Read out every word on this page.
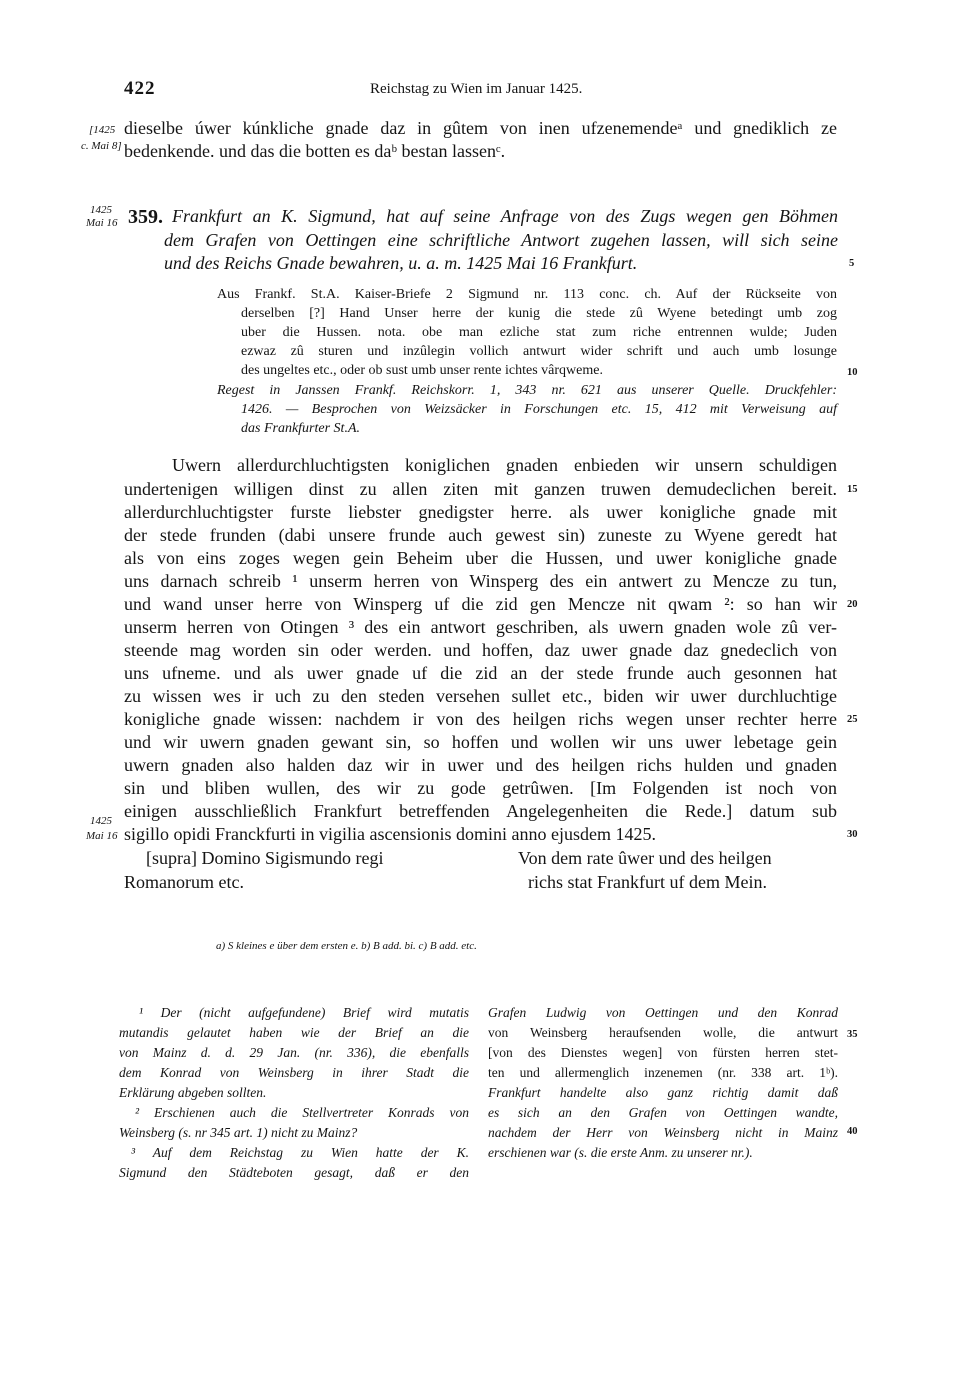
422	Reichstag zu Wien im Januar 1425.
[1425
c. Mai 8]
dieselbe úwer kúnkliche gnade daz in gûtem von inen ufzenemendeᵃ und gnediklich ze
bedenkende. und das die botten es daᵇ bestan lassenᶜ.
1425
Mai 16 359. Frankfurt an K. Sigmund, hat auf seine Anfrage von des Zugs wegen gen Böhmen
dem Grafen von Oettingen eine schriftliche Antwort zugehen lassen, will sich seine
und des Reichs Gnade bewahren, u. a. m. 1425 Mai 16 Frankfurt.
Aus Frankf. St.A. Kaiser-Briefe 2 Sigmund nr. 113 conc. ch. Auf der Rückseite von
derselben [?] Hand Unser herre der kunig die stede zû Wyene betedingt umb zog
uber die Hussen. nota. obe man ezliche stat zum riche entrennen wulde; Juden
ezwaz zû sturen und inzûlegin vollich antwurt wider schrift und auch umb losunge
des ungeltes etc., oder ob sust umb unser rente ichtes vârqweme.
Regest in Janssen Frankf. Reichskorr. 1, 343 nr. 621 aus unserer Quelle. Druckfehler:
1426. — Besprochen von Weizsäcker in Forschungen etc. 15, 412 mit Verweisung auf
das Frankfurter St.A.
Uwern allerdurchluchtigsten koniglichen gnaden enbieden wir unsern schuldigen
undertenigen willigen dinst zu allen ziten mit ganzen truwen demudeclichen bereit.
allerdurchluchtigster furste liebster gnedigster herre. als uwer konigliche gnade mit
der stede frunden (dabi unsere frunde auch gewest sin) zuneste zu Wyene geredt hat
als von eins zoges wegen gein Beheim uber die Hussen, und uwer konigliche gnade
uns darnach schreib ¹ unserm herren von Winsperg des ein antwert zu Mencze zu tun,
und wand unser herre von Winsperg uf die zid gen Mencze nit qwam ²: so han wir
unserm herren von Otingen ³ des ein antwort geschriben, als uwern gnaden wole zû ver-
steende mag worden sin oder werden. und hoffen, daz uwer gnade daz gnedeclich von
uns ufneme. und als uwer gnade uf die zid an der stede frunde auch gesonnen hat
zu wissen wes ir uch zu den steden versehen sullet etc., biden wir uwer durchluchtige
konigliche gnade wissen: nachdem ir von des heilgen richs wegen unser rechter herre
und wir uwern gnaden gewant sin, so hoffen und wollen wir uns uwer lebetage gein
uwern gnaden also halden daz wir in uwer und des heilgen richs hulden und gnaden
sin und bliben wullen, des wir zu gode getrûwen. [Im Folgenden ist noch von
einigen ausschließlich Frankfurt betreffenden Angelegenheiten die Rede.] datum sub
sigillo opidi Franckfurti in vigilia ascensionis domini anno ejusdem 1425.
1425
Mai 16
[supra] Domino Sigismundo regi
Romanorum etc.
Von dem rate ûwer und des heilgen
richs stat Frankfurt uf dem Mein.
a) S kleines e über dem ersten e. b) B add. bi. c) B add. etc.
¹ Der (nicht aufgefundene) Brief wird mutatis
mutandis gelautet haben wie der Brief an die
von Mainz d. d. 29 Jan. (nr. 336), die ebenfalls
dem Konrad von Weinsberg in ihrer Stadt die
Erklärung abgeben sollten.
² Erschienen auch die Stellvertreter Konrads von
Weinsberg (s. nr 345 art. 1) nicht zu Mainz?
³ Auf dem Reichstag zu Wien hatte der K.
Sigmund den Städteboten gesagt, daß er den
Grafen Ludwig von Oettingen und den Konrad
von Weinsberg heraufsenden wolle, die antwurt
[von des Dienstes wegen] von fürsten herren stet-
ten und allermenglich inzenemen (nr. 338 art. 1ᵇ).
Frankfurt handelte also ganz richtig damit daß
es sich an den Grafen von Oettingen wandte,
nachdem der Herr von Weinsberg nicht in Mainz
erschienen war (s. die erste Anm. zu unserer nr.).
5
10
15
20
25
30
35
40
